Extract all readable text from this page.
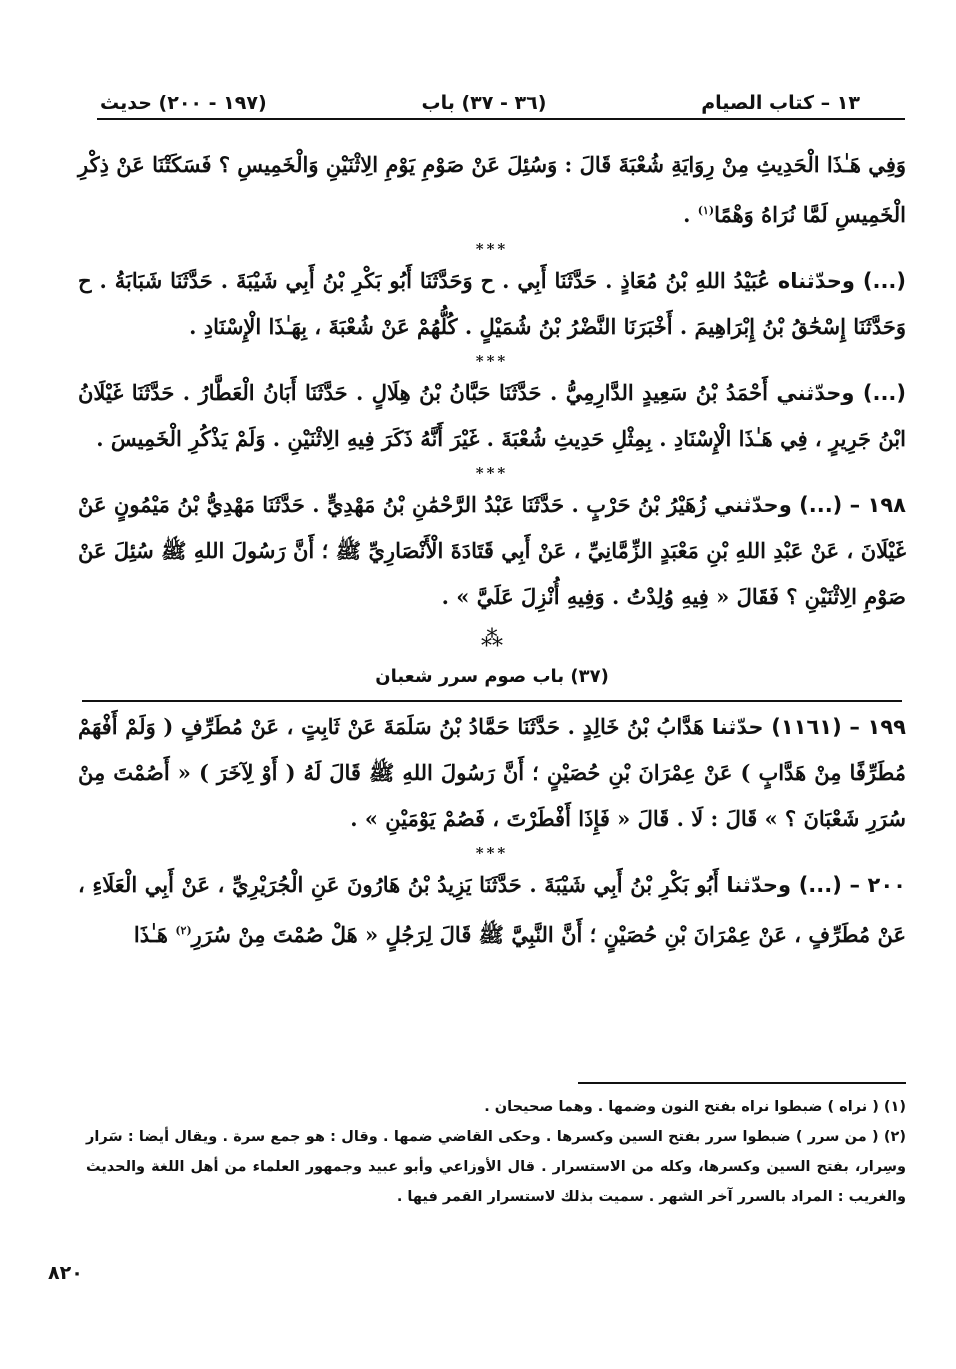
١٣ – كتاب الصيام
(٣٦ - ٣٧) باب
(١٩٧ - ٢٠٠) حديث

وَفِي هَـٰذَا الْحَدِيثِ مِنْ رِوَايَةِ شُعْبَةَ قَالَ : وَسُئِلَ عَنْ صَوْمِ يَوْمِ الِاثْنَيْنِ وَالْخَمِيسِ ؟ فَسَكَتْنَا عَنْ ذِكْرِ الْخَمِيسِ لَمَّا نُرَاهُ وَهْمًا$^{(١)}$ .

***

(...) وحدّثناه عُبَيْدُ اللهِ بْنُ مُعَاذٍ . حَدَّثَنَا أَبِي . ح وَحَدَّثَنَا أَبُو بَكْرِ بْنُ أَبِي شَيْبَةَ . حَدَّثَنَا شَبَابَةُ . ح وَحَدَّثَنَا إِسْحَٰقُ بْنُ إِبْرَاهِيمَ . أَخْبَرَنَا النَّضْرُ بْنُ شُمَيْلٍ . كُلُّهُمْ عَنْ شُعْبَةَ ، بِهَـٰذَا الْإِسْنَادِ .

***

(...) وحدّثني أَحْمَدُ بْنُ سَعِيدٍ الدَّارِمِيُّ . حَدَّثَنَا حَبَّانُ بْنُ هِلَالٍ . حَدَّثَنَا أَبَانُ الْعَطَّارُ . حَدَّثَنَا غَيْلَانُ ابْنُ جَرِيرٍ ، فِي هَـٰذَا الْإِسْنَادِ . بِمِثْلِ حَدِيثِ شُعْبَةَ . غَيْرَ أَنَّهُ ذَكَرَ فِيهِ الِاثْنَيْنِ . وَلَمْ يَذْكُرِ الْخَمِيسَ .

***

١٩٨ – (...) وحدّثني زُهَيْرُ بْنُ حَرْبٍ . حَدَّثَنَا عَبْدُ الرَّحْمَٰنِ بْنُ مَهْدِيٍّ . حَدَّثَنَا مَهْدِيُّ بْنُ مَيْمُونٍ عَنْ غَيْلَانَ ، عَنْ عَبْدِ اللهِ بْنِ مَعْبَدٍ الزِّمَّانِيِّ ، عَنْ أَبِي قَتَادَةَ الْأَنْصَارِيِّ ﷺ ؛ أَنَّ رَسُولَ اللهِ ﷺ سُئِلَ عَنْ صَوْمِ الِاثْنَيْنِ ؟ فَقَالَ « فِيهِ وُلِدْتُ . وَفِيهِ أُنْزِلَ عَلَيَّ » .

⁂
(٣٧) باب صوم سرر شعبان

١٩٩ – (١١٦١) حدّثنا هَدَّابُ بْنُ خَالِدٍ . حَدَّثَنَا حَمَّادُ بْنُ سَلَمَةَ عَنْ ثَابِتٍ ، عَنْ مُطَرِّفٍ ( وَلَمْ أَفْهَمْ مُطَرِّفًا مِنْ هَدَّابٍ ) عَنْ عِمْرَانَ بْنِ حُصَيْنٍ ؛ أَنَّ رَسُولَ اللهِ ﷺ قَالَ لَهُ ( أَوْ لِآخَرَ ) « أَصُمْتَ مِنْ سُرَرِ شَعْبَانَ ؟ » قَالَ : لَا . قَالَ « فَإِذَا أَفْطَرْتَ ، فَصُمْ يَوْمَيْنِ » .

***

٢٠٠ – (...) وحدّثنا أَبُو بَكْرِ بْنُ أَبِي شَيْبَةَ . حَدَّثَنَا يَزِيدُ بْنُ هَارُونَ عَنِ الْجُرَيْرِيِّ ، عَنْ أَبِي الْعَلَاءِ ، عَنْ مُطَرِّفٍ ، عَنْ عِمْرَانَ بْنِ حُصَيْنٍ ؛ أَنَّ النَّبِيَّ ﷺ قَالَ لِرَجُلٍ « هَلْ صُمْتَ مِنْ سُرَرِ$^{(٢)}$ هَـٰذَا

(١) ( نراه ) ضبطوا نراه بفتح النون وضمها . وهما صحيحان .

(٢) ( من سرر ) ضبطوا سرر بفتح السين وكسرها . وحكى القاضي ضمها . وقال : هو جمع سرة . ويقال أيضا : سَرار وسِرار، بفتح السين وكسرها، وكله من الاستسرار . قال الأوزاعي وأبو عبيد وجمهور العلماء من أهل اللغة والحديث والغريب : المراد بالسرر آخر الشهر . سميت بذلك لاستسرار القمر فيها .

٨٢٠
